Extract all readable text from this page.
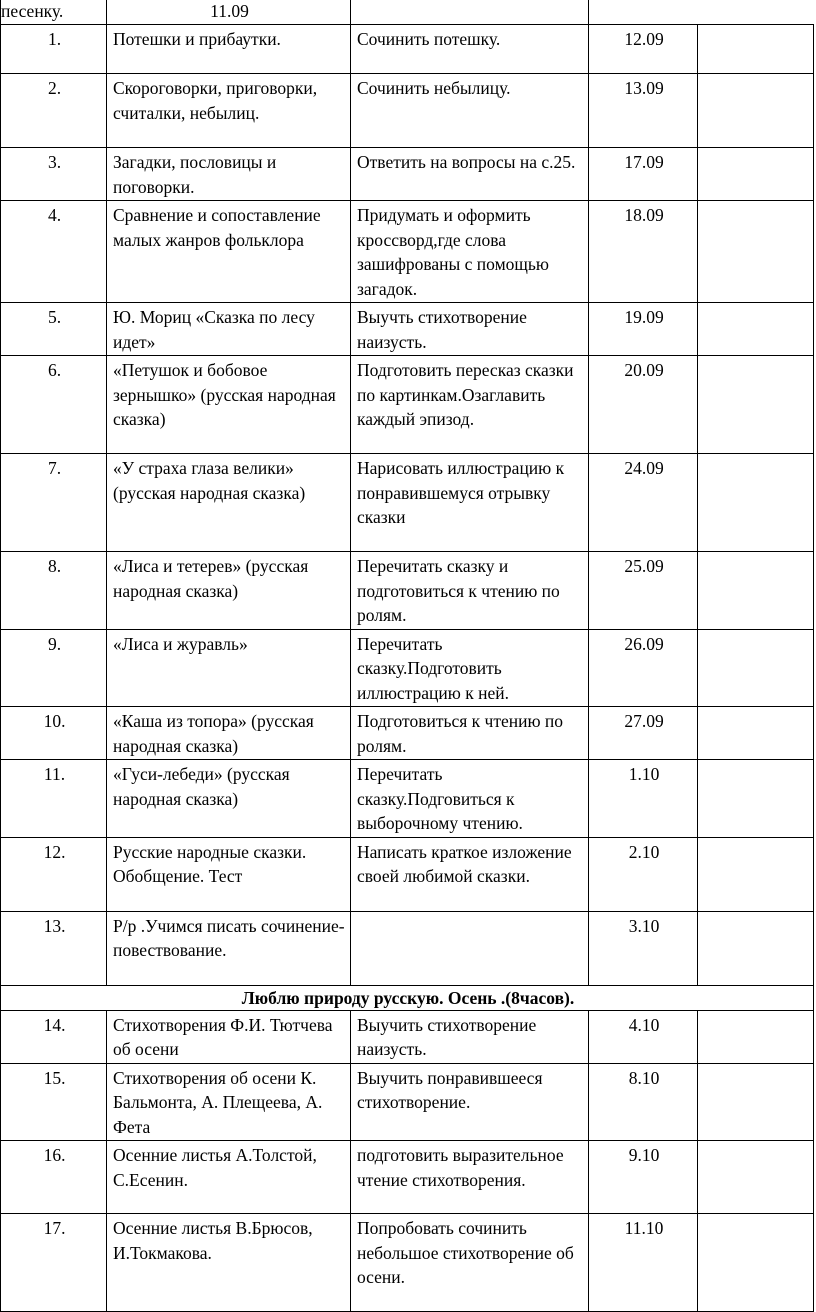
песенку.	11.09			
1.	Потешки и прибаутки.	Сочинить потешку.	12.09	
2.	Скороговорки, приговорки, считалки, небылиц.	Сочинить небылицу.	13.09	
3.	Загадки, пословицы и поговорки.	Ответить на вопросы на с.25.	17.09	
4.	Сравнение и сопоставление малых жанров фольклора	Придумать и оформить кроссворд,где слова зашифрованы с помощью загадок.	18.09	
5.	Ю. Мориц «Сказка по лесу идет»	Выучть стихотворение наизусть.	19.09	
6.	«Петушок и бобовое зернышко» (русская народная сказка)	Подготовить пересказ сказки по картинкам.Озаглавить каждый эпизод.	20.09	
7.	«У страха глаза велики» (русская народная сказка)	Нарисовать иллюстрацию к понравившемуся отрывку сказки	24.09	
8.	«Лиса и тетерев» (русская народная сказка)	Перечитать сказку и подготовиться к чтению по ролям.	25.09	
9.	«Лиса и журавль»	Перечитать сказку.Подготовить иллюстрацию к ней.	26.09	
10.	«Каша из топора» (русская народная сказка)	Подготовиться к чтению по ролям.	27.09	
11.	«Гуси-лебеди» (русская народная сказка)	Перечитать сказку.Подговиться к выборочному чтению.	1.10	
12.	Русские народные сказки. Обобщение. Тест	Написать краткое изложение своей любимой сказки.	2.10	
13.	Р/р .Учимся писать сочинение-повествование.		3.10	
Люблю природу русскую. Осень .(8часов).				
14.	Стихотворения Ф.И. Тютчева об осени	Выучить стихотворение наизусть.	4.10	
15.	Стихотворения об осени К. Бальмонта, А. Плещеева, А. Фета	Выучить понравившееся стихотворение.	8.10	
16.	Осенние листья А.Толстой, С.Есенин.	подготовить выразительное чтение стихотворения.	9.10	
17.	Осенние листья В.Брюсов, И.Токмакова.	Попробовать сочинить небольшое стихотворение об осени.	11.10	
